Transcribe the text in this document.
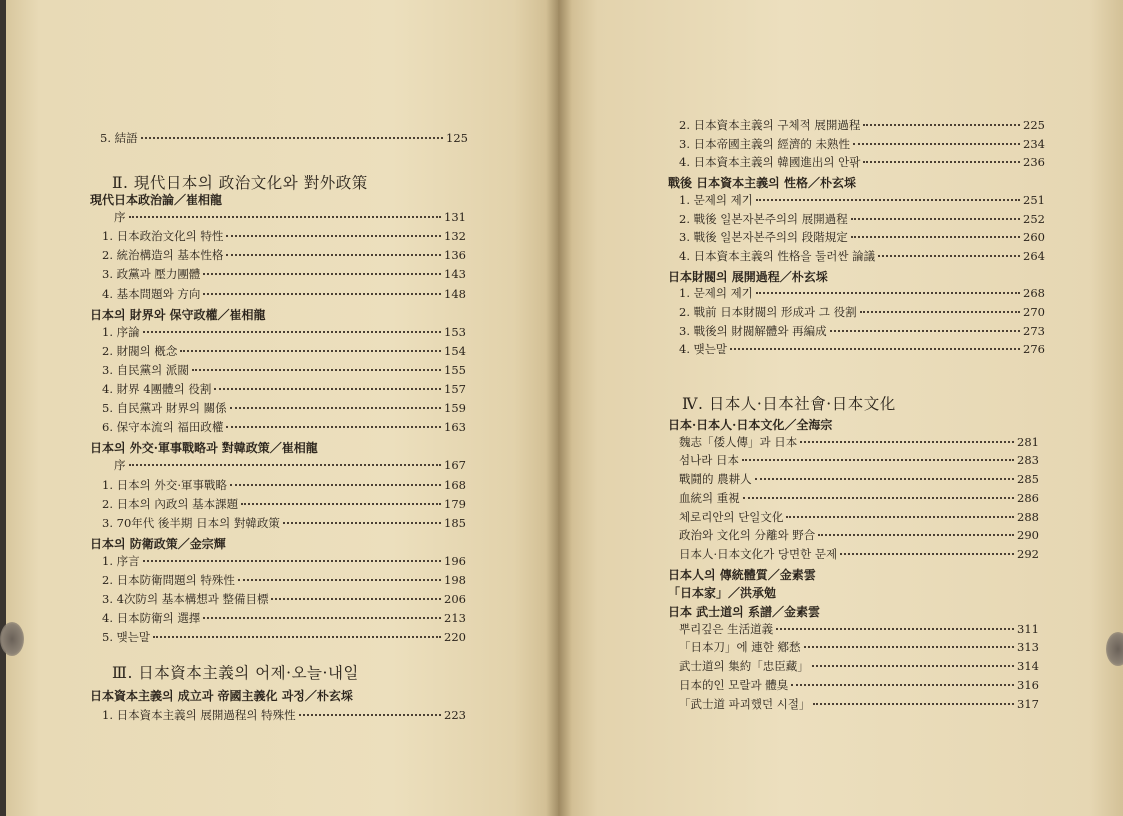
5. 結語	125
Ⅱ. 現代日本의 政治文化와 對外政策
現代日本政治論／崔相龍
序	131
1. 日本政治文化의 特性	132
2. 統治構造의 基本性格	136
3. 政黨과 壓力團體	143
4. 基本問題와 方向	148
日本의 財界와 保守政權／崔相龍
1. 序論	153
2. 財閥의 槪念	154
3. 自民黨의 派閥	155
4. 財界 4團體의 役割	157
5. 自民黨과 財界의 關係	159
6. 保守本流의 福田政權	163
日本의 外交·軍事戰略과 對韓政策／崔相龍
序	167
1. 日本의 外交·軍事戰略	168
2. 日本의 內政의 基本課題	179
3. 70年代 後半期 日本의 對韓政策	185
日本의 防衛政策／金宗輝
1. 序言	196
2. 日本防衛問題의 特殊性	198
3. 4次防의 基本構想과 整備目標	206
4. 日本防衛의 選擇	213
5. 맺는말	220
Ⅲ. 日本資本主義의 어제·오늘·내일
日本資本主義의 成立과 帝國主義化 과정／朴玄埰
1. 日本資本主義의 展開過程의 特殊性	223
2. 日本資本主義의 구체적 展開過程	225
3. 日本帝國主義의 經濟的 未熟性	234
4. 日本資本主義의 韓國進出의 안팎	236
戰後 日本資本主義의 性格／朴玄埰
1. 문제의 제기	251
2. 戰後 일본자본주의의 展開過程	252
3. 戰後 일본자본주의의 段階規定	260
4. 日本資本主義의 性格을 둘러싼 論議	264
日本財閥의 展開過程／朴玄埰
1. 문제의 제기	268
2. 戰前 日本財閥의 形成과 그 役割	270
3. 戰後의 財閥解體와 再編成	273
4. 맺는말	276
Ⅳ. 日本人·日本社會·日本文化
日本·日本人·日本文化／全海宗
魏志「倭人傳」과 日本	281
섬나라 日本	283
戰鬪的 農耕人	285
血統의 重視	286
체로리안의 단일文化	288
政治와 文化의 分離와 野合	290
日本人·日本文化가 당면한 문제	292
日本人의 傳統體質／金素雲
「日本家」／洪承勉
日本 武士道의 系譜／金素雲
뿌리깊은 生活道義	311
「日本刀」에 連한 鄕愁	313
武士道의 集約「忠臣藏」	314
日本的인 모랄과 體臭	316
「武士道 파괴했던 시절」	317
